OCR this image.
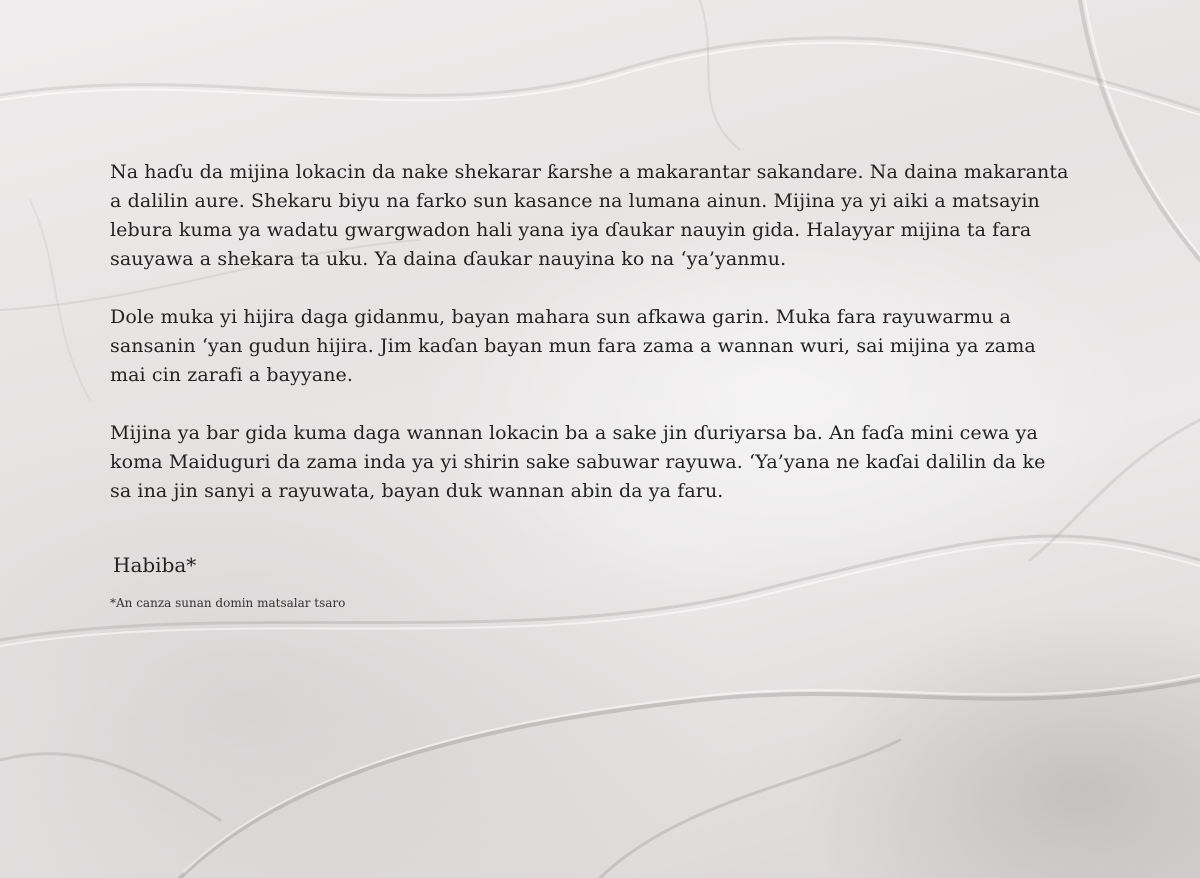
Na haɗu da mijina lokacin da nake shekarar ƙarshe a makarantar sakandare. Na daina makaranta a dalilin aure. Shekaru biyu na farko sun kasance na lumana ainun. Mijina ya yi aiki a matsayin lebura kuma ya wadatu gwargwadon hali yana iya ɗaukar nauyin gida. Halayyar mijina ta fara sauyawa a shekara ta uku. Ya daina ɗaukar nauyina ko na ‘ya’yanmu.

Dole muka yi hijira daga gidanmu, bayan mahara sun afkawa garin. Muka fara rayuwarmu a sansanin ‘yan gudun hijira. Jim kaɗan bayan mun fara zama a wannan wuri, sai mijina ya zama mai cin zarafi a bayyane.

Mijina ya bar gida kuma daga wannan lokacin ba a sake jin ɗuriyarsa ba. An faɗa mini cewa ya koma Maiduguri da zama inda ya yi shirin sake sabuwar rayuwa. ‘Ya’yana ne kaɗai dalilin da ke sa ina jin sanyi a rayuwata, bayan duk wannan abin da ya faru.

Habiba*

*An canza sunan domin matsalar tsaro
